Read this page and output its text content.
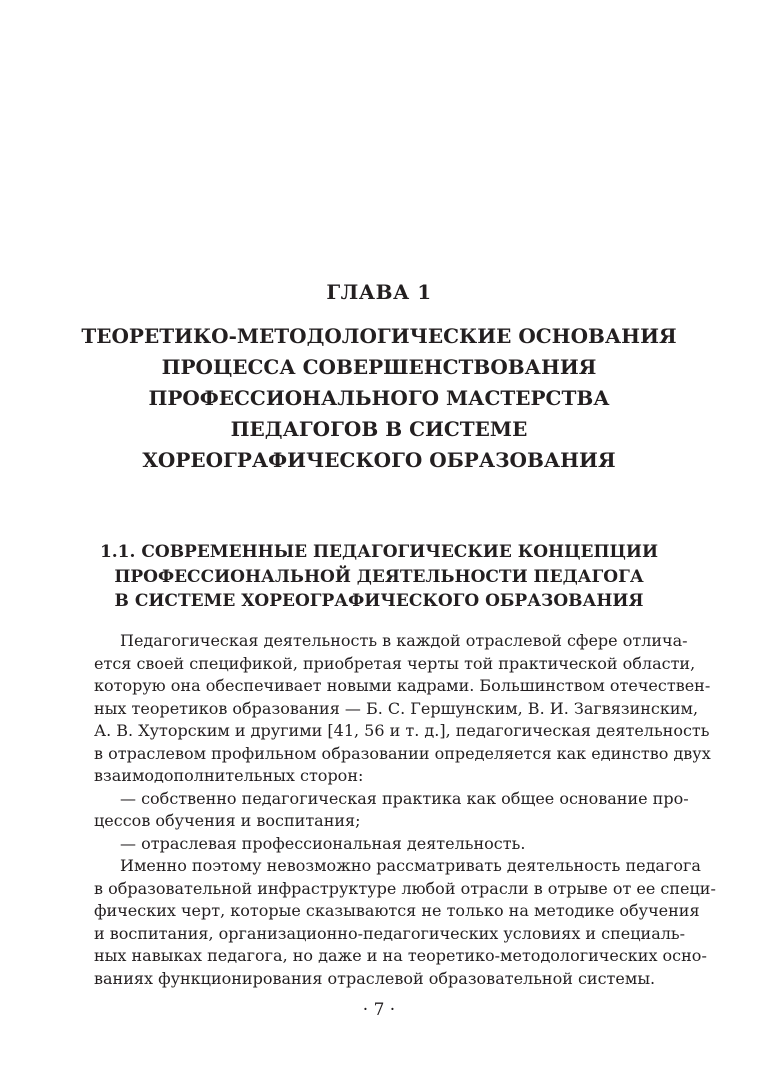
ГЛАВА 1
ТЕОРЕТИКО-МЕТОДОЛОГИЧЕСКИЕ ОСНОВАНИЯ
ПРОЦЕССА СОВЕРШЕНСТВОВАНИЯ
ПРОФЕССИОНАЛЬНОГО МАСТЕРСТВА
ПЕДАГОГОВ В СИСТЕМЕ
ХОРЕОГРАФИЧЕСКОГО ОБРАЗОВАНИЯ
1.1. СОВРЕМЕННЫЕ ПЕДАГОГИЧЕСКИЕ КОНЦЕПЦИИ
ПРОФЕССИОНАЛЬНОЙ ДЕЯТЕЛЬНОСТИ ПЕДАГОГА
В СИСТЕМЕ ХОРЕОГРАФИЧЕСКОГО ОБРАЗОВАНИЯ
Педагогическая деятельность в каждой отраслевой сфере отлича-
ется своей спецификой, приобретая черты той практической области,
которую она обеспечивает новыми кадрами. Большинством отечествен-
ных теоретиков образования — Б. С. Гершунским, В. И. Загвязинским,
А. В. Хуторским и другими [41, 56 и т. д.], педагогическая деятельность
в отраслевом профильном образовании определяется как единство двух
взаимодополнительных сторон:
— собственно педагогическая практика как общее основание про-
цессов обучения и воспитания;
— отраслевая профессиональная деятельность.
Именно поэтому невозможно рассматривать деятельность педагога
в образовательной инфраструктуре любой отрасли в отрыве от ее специ-
фических черт, которые сказываются не только на методике обучения
и воспитания, организационно-педагогических условиях и специаль-
ных навыках педагога, но даже и на теоретико-методологических осно-
ваниях функционирования отраслевой образовательной системы.
· 7 ·
